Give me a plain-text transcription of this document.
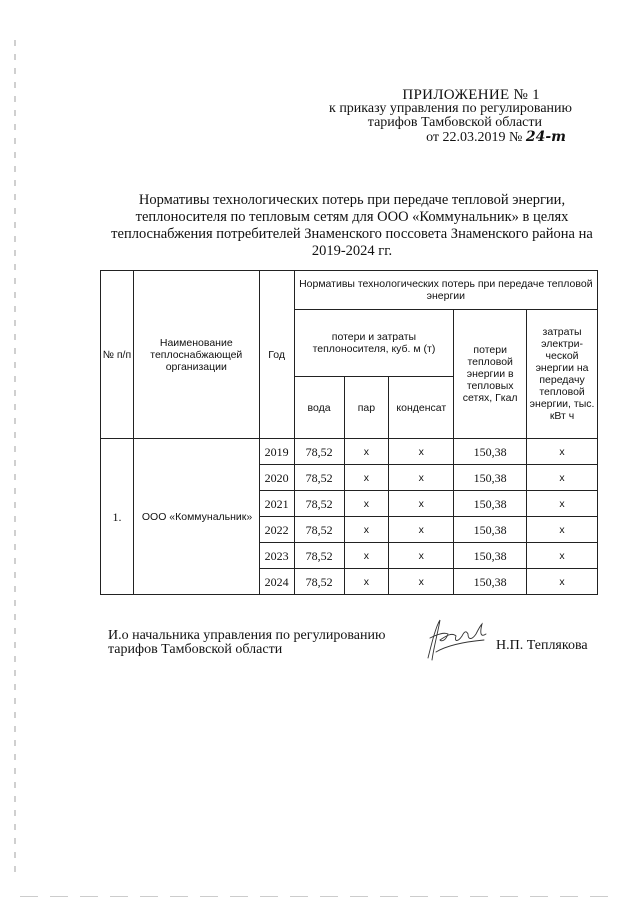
ПРИЛОЖЕНИЕ № 1
к приказу управления по регулированию
тарифов Тамбовской области
от 22.03.2019 № 24-т
Нормативы технологических потерь при передаче тепловой энергии, теплоносителя по тепловым сетям для ООО «Коммунальник» в целях теплоснабжения потребителей Знаменского поссовета Знаменского района на 2019-2024 гг.
№ п/п	Наименование теплоснабжающей организации	Год	Нормативы технологических потерь при передаче тепловой энергии				
			потери и затраты теплоносителя, куб. м (т)			потери тепловой энергии в тепловых сетях, Гкал	затраты электри-ческой энергии на передачу тепловой энергии, тыс. кВт ч
			вода	пар	конденсат		
1.	ООО «Коммунальник»	2019	78,52	х	х	150,38	х
		2020	78,52	х	х	150,38	х
		2021	78,52	х	х	150,38	х
		2022	78,52	х	х	150,38	х
		2023	78,52	х	х	150,38	х
		2024	78,52	х	х	150,38	х
И.о начальника управления по регулированию
тарифов Тамбовской области	Н.П. Теплякова
